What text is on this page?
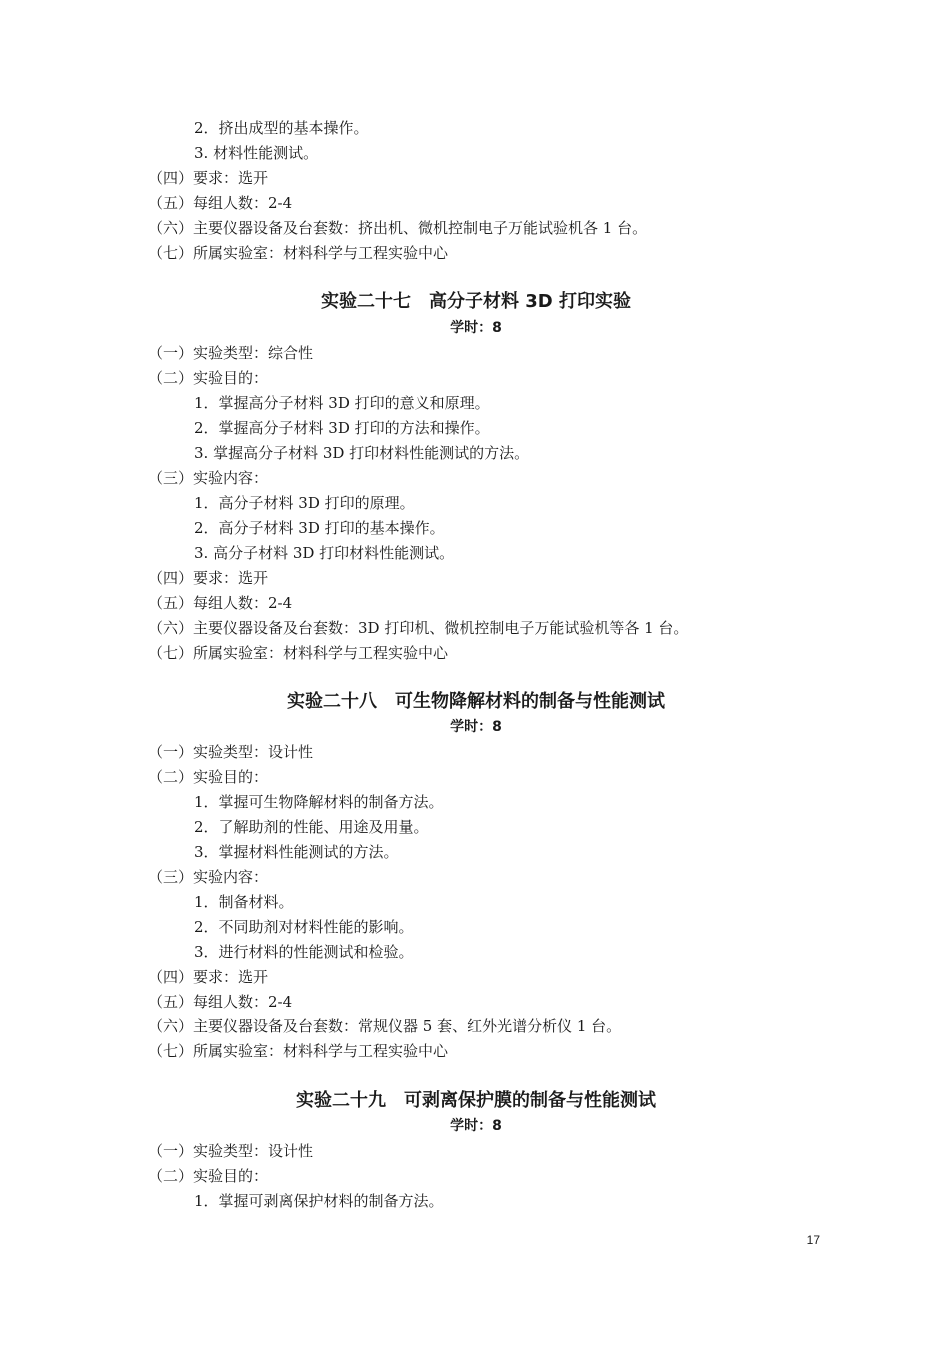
2．挤出成型的基本操作。
3. 材料性能测试。
（四）要求：选开
（五）每组人数：2-4
（六）主要仪器设备及台套数：挤出机、微机控制电子万能试验机各 1 台。
（七）所属实验室：材料科学与工程实验中心
实验二十七　高分子材料 3D 打印实验
学时：8
（一）实验类型：综合性
（二）实验目的：
1．掌握高分子材料 3D 打印的意义和原理。
2．掌握高分子材料 3D 打印的方法和操作。
3. 掌握高分子材料 3D 打印材料性能测试的方法。
（三）实验内容：
1．高分子材料 3D 打印的原理。
2．高分子材料 3D 打印的基本操作。
3. 高分子材料 3D 打印材料性能测试。
（四）要求：选开
（五）每组人数：2-4
（六）主要仪器设备及台套数：3D 打印机、微机控制电子万能试验机等各 1 台。
（七）所属实验室：材料科学与工程实验中心
实验二十八　可生物降解材料的制备与性能测试
学时：8
（一）实验类型：设计性
（二）实验目的：
1．掌握可生物降解材料的制备方法。
2．了解助剂的性能、用途及用量。
3．掌握材料性能测试的方法。
（三）实验内容：
1．制备材料。
2．不同助剂对材料性能的影响。
3．进行材料的性能测试和检验。
（四）要求：选开
（五）每组人数：2-4
（六）主要仪器设备及台套数：常规仪器 5 套、红外光谱分析仪 1 台。
（七）所属实验室：材料科学与工程实验中心
实验二十九　可剥离保护膜的制备与性能测试
学时：8
（一）实验类型：设计性
（二）实验目的：
1．掌握可剥离保护材料的制备方法。
17
